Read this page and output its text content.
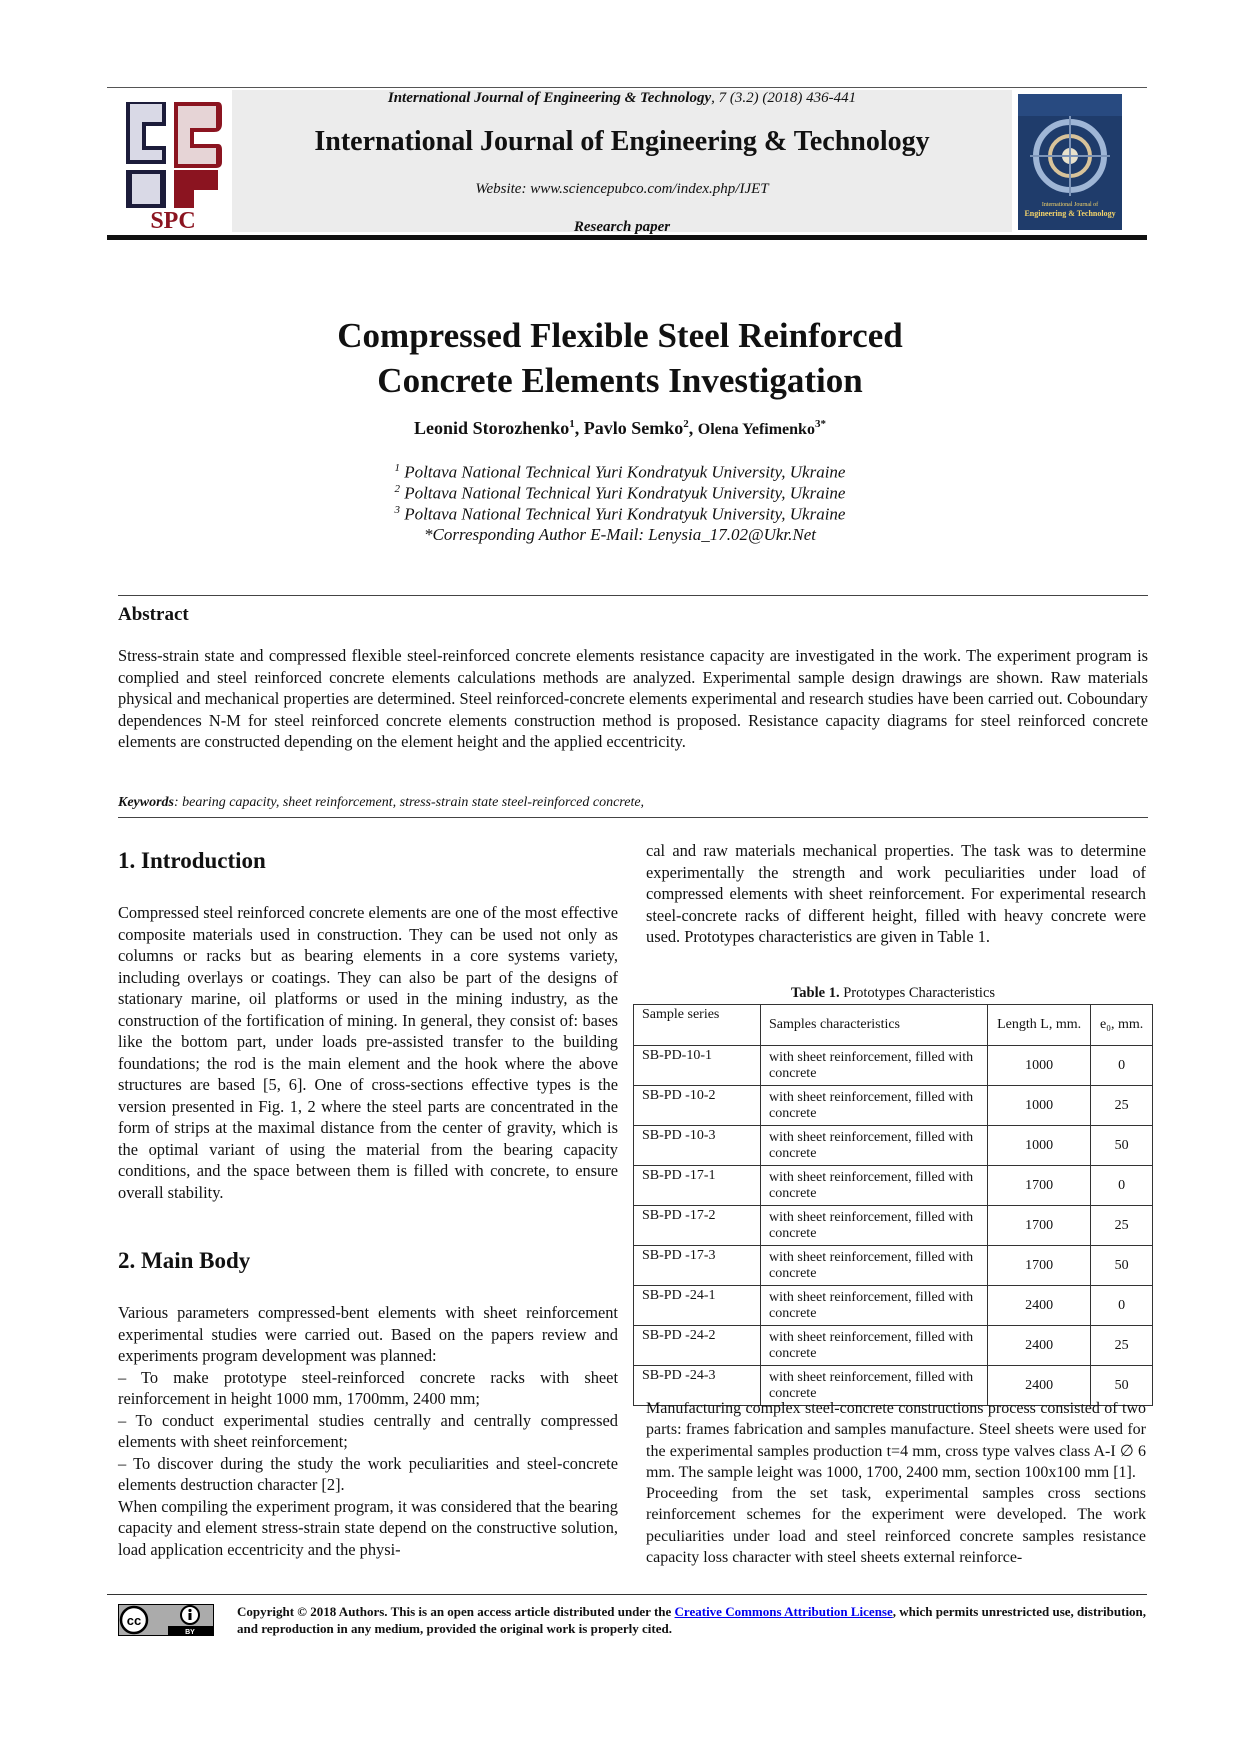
SPC
International Journal of Engineering & Technology, 7 (3.2) (2018) 436-441
International Journal of Engineering & Technology
Website: www.sciencepubco.com/index.php/IJET
Research paper
International Journal of
Engineering & Technology
Compressed Flexible Steel Reinforced
Concrete Elements Investigation
Leonid Storozhenko$^1$, Pavlo Semko$^2$, Olena Yefimenko$^{3*}$
$^1$ Poltava National Technical Yuri Kondratyuk University, Ukraine
$^2$ Poltava National Technical Yuri Kondratyuk University, Ukraine
$^3$ Poltava National Technical Yuri Kondratyuk University, Ukraine
*Corresponding Author E-Mail: Lenysia_17.02@Ukr.Net
Abstract
Stress-strain state and compressed flexible steel-reinforced concrete elements resistance capacity are investigated in the work. The experiment program is complied and steel reinforced concrete elements calculations methods are analyzed. Experimental sample design drawings are shown. Raw materials physical and mechanical properties are determined. Steel reinforced-concrete elements experimental and research studies have been carried out. Coboundary dependences N-M for steel reinforced concrete elements construction method is proposed. Resistance capacity diagrams for steel reinforced concrete elements are constructed depending on the element height and the applied eccentricity.
Keywords: bearing capacity, sheet reinforcement, stress-strain state steel-reinforced concrete,
1. Introduction
Compressed steel reinforced concrete elements are one of the most effective composite materials used in construction. They can be used not only as columns or racks but as bearing elements in a core systems variety, including overlays or coatings. They can also be part of the designs of stationary marine, oil platforms or used in the mining industry, as the construction of the fortification of mining. In general, they consist of: bases like the bottom part, under loads pre-assisted transfer to the building foundations; the rod is the main element and the hook where the above structures are based [5, 6]. One of cross-sections effective types is the version presented in Fig. 1, 2 where the steel parts are concentrated in the form of strips at the maximal distance from the center of gravity, which is the optimal variant of using the material from the bearing capacity conditions, and the space between them is filled with concrete, to ensure overall stability.
2. Main Body
Various parameters compressed-bent elements with sheet reinforcement experimental studies were carried out. Based on the papers review and experiments program development was planned:
– To make prototype steel-reinforced concrete racks with sheet reinforcement in height 1000 mm, 1700mm, 2400 mm;
– To conduct experimental studies centrally and centrally compressed elements with sheet reinforcement;
– To discover during the study the work peculiarities and steel-concrete elements destruction character [2].
When compiling the experiment program, it was considered that the bearing capacity and element stress-strain state depend on the constructive solution, load application eccentricity and the physi-
cal and raw materials mechanical properties. The task was to determine experimentally the strength and work peculiarities under load of compressed elements with sheet reinforcement. For experimental research steel-concrete racks of different height, filled with heavy concrete were used. Prototypes characteristics are given in Table 1.
Table 1. Prototypes Characteristics
Sample series	Samples characteristics	Length L, mm.	e₀, mm.
SB-PD-10-1	with sheet reinforcement, filled with concrete	1000	0
SB-PD -10-2	with sheet reinforcement, filled with concrete	1000	25
SB-PD -10-3	with sheet reinforcement, filled with concrete	1000	50
SB-PD -17-1	with sheet reinforcement, filled with concrete	1700	0
SB-PD -17-2	with sheet reinforcement, filled with concrete	1700	25
SB-PD -17-3	with sheet reinforcement, filled with concrete	1700	50
SB-PD -24-1	with sheet reinforcement, filled with concrete	2400	0
SB-PD -24-2	with sheet reinforcement, filled with concrete	2400	25
SB-PD -24-3	with sheet reinforcement, filled with concrete	2400	50
Manufacturing complex steel-concrete constructions process consisted of two parts: frames fabrication and samples manufacture. Steel sheets were used for the experimental samples production t=4 mm, cross type valves class A-I ∅ 6 mm. The sample leight was 1000, 1700, 2400 mm, section 100x100 mm [1].
Proceeding from the set task, experimental samples cross sections reinforcement schemes for the experiment were developed. The work peculiarities under load and steel reinforced concrete samples resistance capacity loss character with steel sheets external reinforce-
cc
BY
Copyright © 2018 Authors. This is an open access article distributed under the Creative Commons Attribution License, which permits unrestricted use, distribution, and reproduction in any medium, provided the original work is properly cited.
